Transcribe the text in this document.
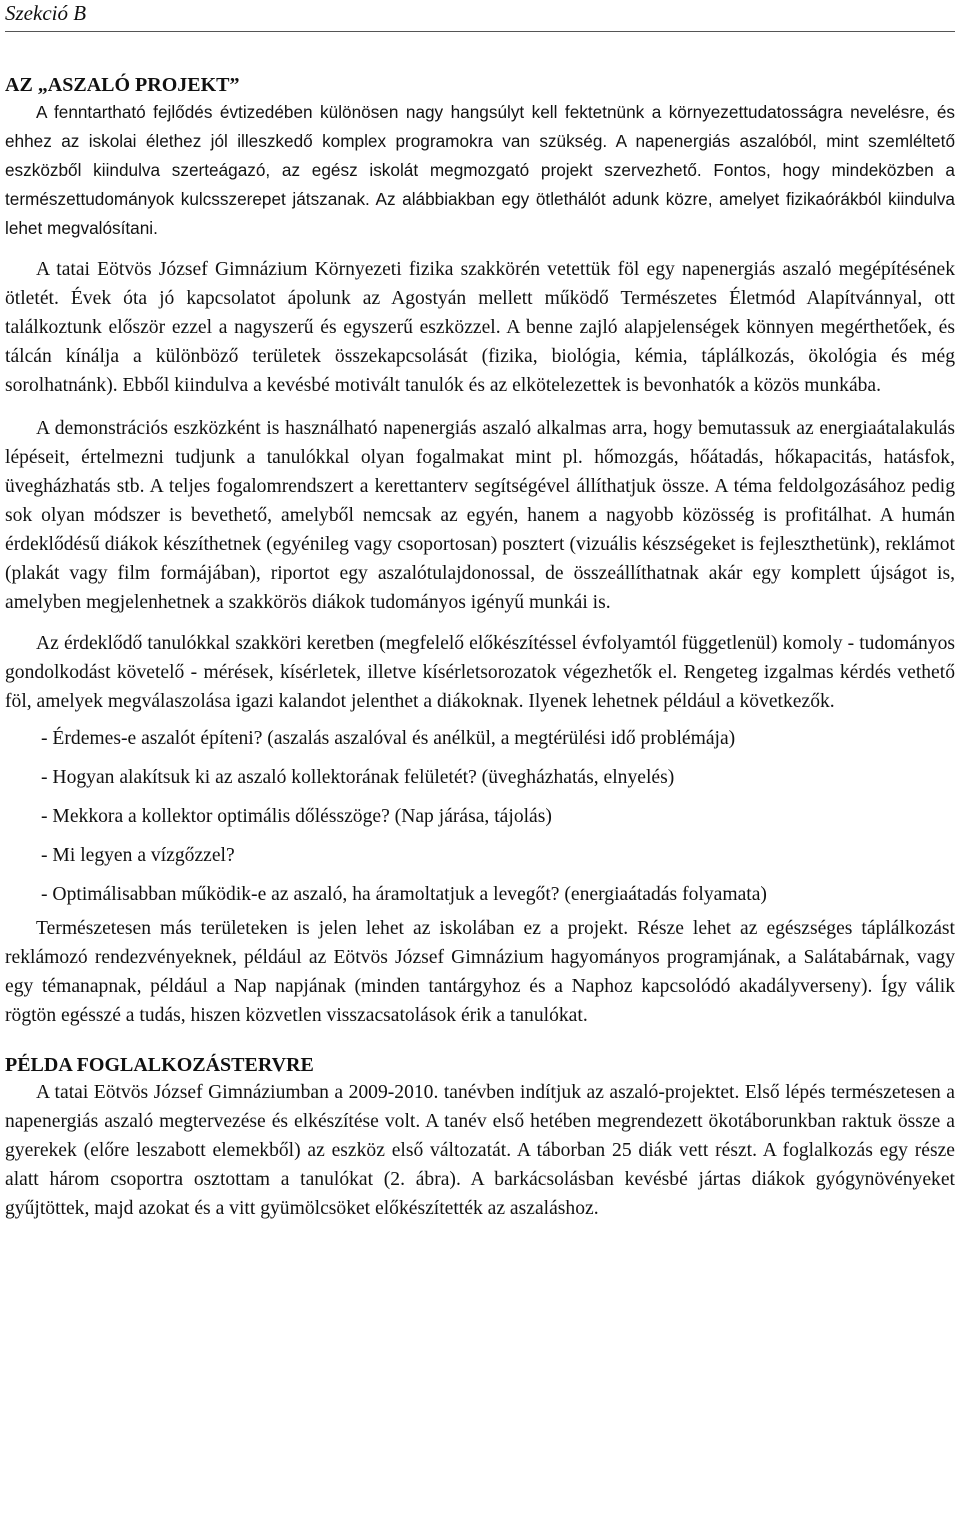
Szekció B
AZ „ASZALÓ PROJEKT”

A fenntartható fejlődés évtizedében különösen nagy hangsúlyt kell fektetnünk a környezettudatosságra nevelésre, és ehhez az iskolai élethez jól illeszkedő komplex programokra van szükség. A napenergiás aszalóból, mint szemléltető eszközből kiindulva szerteágazó, az egész iskolát megmozgató projekt szervezhető. Fontos, hogy mindeközben a természettudományok kulcsszerepet játszanak. Az alábbiakban egy ötlethálót adunk közre, amelyet fizikaórákból kiindulva lehet megvalósítani.

A tatai Eötvös József Gimnázium Környezeti fizika szakkörén vetettük föl egy napenergiás aszaló megépítésének ötletét. Évek óta jó kapcsolatot ápolunk az Agostyán mellett működő Természetes Életmód Alapítvánnyal, ott találkoztunk először ezzel a nagyszerű és egyszerű eszközzel. A benne zajló alapjelenségek könnyen megérthetőek, és tálcán kínálja a különböző területek összekapcsolását (fizika, biológia, kémia, táplálkozás, ökológia és még sorolhatnánk). Ebből kiindulva a kevésbé motivált tanulók és az elkötelezettek is bevonhatók a közös munkába.

A demonstrációs eszközként is használható napenergiás aszaló alkalmas arra, hogy bemutassuk az energiaátalakulás lépéseit, értelmezni tudjunk a tanulókkal olyan fogalmakat mint pl. hőmozgás, hőátadás, hőkapacitás, hatásfok, üvegházhatás stb. A teljes fogalomrendszert a kerettanterv segítségével állíthatjuk össze. A téma feldolgozásához pedig sok olyan módszer is bevethető, amelyből nemcsak az egyén, hanem a nagyobb közösség is profitálhat. A humán érdeklődésű diákok készíthetnek (egyénileg vagy csoportosan) posztert (vizuális készségeket is fejleszthetünk), reklámot (plakát vagy film formájában), riportot egy aszalótulajdonossal, de összeállíthatnak akár egy komplett újságot is, amelyben megjelenhetnek a szakkörös diákok tudományos igényű munkái is.

Az érdeklődő tanulókkal szakköri keretben (megfelelő előkészítéssel évfolyamtól függetlenül) komoly - tudományos gondolkodást követelő - mérések, kísérletek, illetve kísérletsorozatok végezhetők el. Rengeteg izgalmas kérdés vethető föl, amelyek megválaszolása igazi kalandot jelenthet a diákoknak. Ilyenek lehetnek például a következők.

- Érdemes-e aszalót építeni? (aszalás aszalóval és anélkül, a megtérülési idő problémája)
- Hogyan alakítsuk ki az aszaló kollektorának felületét? (üvegházhatás, elnyelés)
- Mekkora a kollektor optimális dőlésszöge? (Nap járása, tájolás)
- Mi legyen a vízgőzzel?
- Optimálisabban működik-e az aszaló, ha áramoltatjuk a levegőt? (energiaátadás folyamata)

Természetesen más területeken is jelen lehet az iskolában ez a projekt. Része lehet az egészséges táplálkozást reklámozó rendezvényeknek, például az Eötvös József Gimnázium hagyományos programjának, a Salátabárnak, vagy egy témanapnak, például a Nap napjának (minden tantárgyhoz és a Naphoz kapcsolódó akadályverseny). Így válik rögtön egésszé a tudás, hiszen közvetlen visszacsatolások érik a tanulókat.

PÉLDA FOGLALKOZÁSTERVRE

A tatai Eötvös József Gimnáziumban a 2009-2010. tanévben indítjuk az aszaló-projektet. Első lépés természetesen a napenergiás aszaló megtervezése és elkészítése volt. A tanév első hetében megrendezett ökotáborunkban raktuk össze a gyerekek (előre leszabott elemekből) az eszköz első változatát. A táborban 25 diák vett részt. A foglalkozás egy része alatt három csoportra osztottam a tanulókat (2. ábra). A barkácsolásban kevésbé jártas diákok gyógynövényeket gyűjtöttek, majd azokat és a vitt gyümölcsöket előkészítették az aszaláshoz.
